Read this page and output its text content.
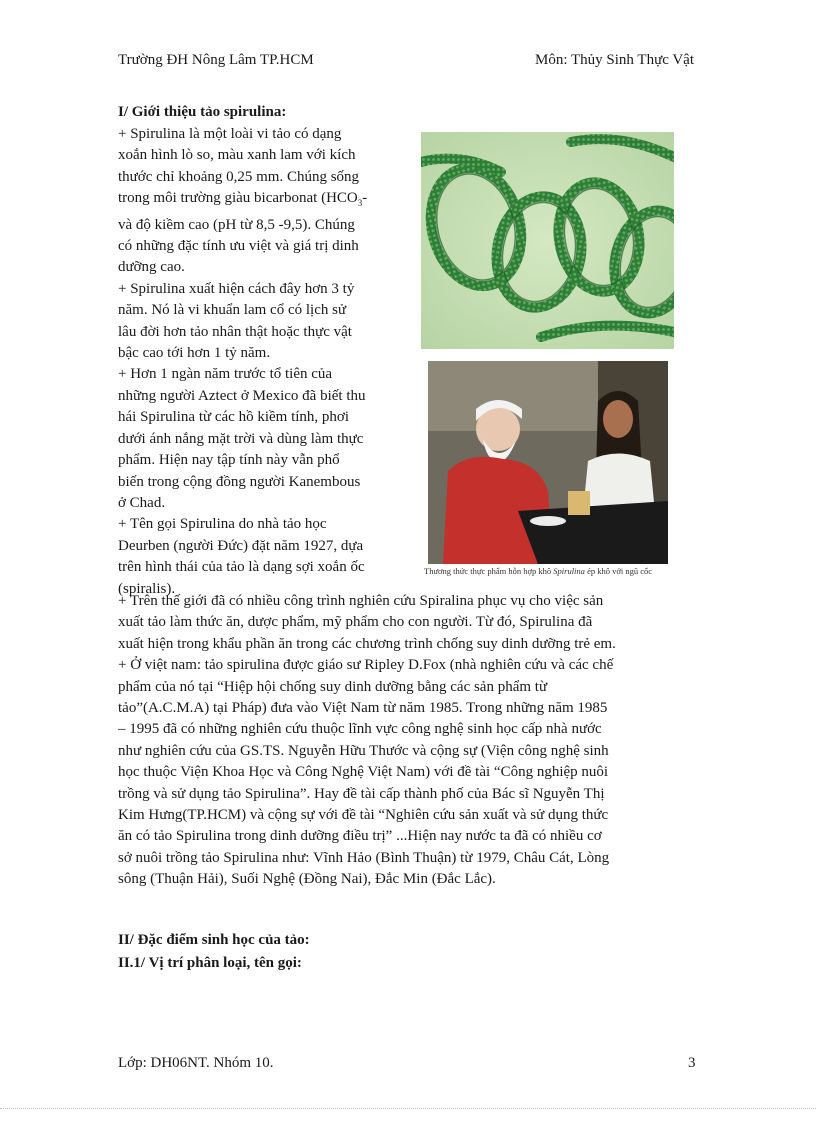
Trường ĐH Nông Lâm TP.HCM	Môn: Thủy Sinh Thực Vật
I/ Giới thiệu tảo spirulina:
+ Spirulina là một loài vi tảo có dạng
xoắn hình lò so, màu xanh lam với kích
thước chỉ khoảng 0,25 mm. Chúng sống
trong môi trường giàu bicarbonat ($HCO_3-$
và độ kiềm cao (pH từ 8,5 -9,5). Chúng
có những đặc tính ưu việt và giá trị dinh
dưỡng cao.
+ Spirulina xuất hiện cách đây hơn 3 tỷ
năm. Nó là vi khuẩn lam cổ có lịch sử
lâu đời hơn tảo nhân thật hoặc thực vật
bậc cao tới hơn 1 tỷ năm.
+ Hơn 1 ngàn năm trước tổ tiên của
những người Aztect ở Mexico đã biết thu
hái Spirulina từ các hồ kiềm tính, phơi
dưới ánh nắng mặt trời và dùng làm thực
phẩm. Hiện nay tập tính này vẫn phổ
biến trong cộng đồng người Kanembous
ở Chad.
+ Tên gọi Spirulina do nhà tảo học
Deurben (người Đức) đặt năm 1927, dựa
trên hình thái của tảo là dạng sợi xoắn ốc
(spiralis).
+ Trên thế giới đã có nhiều công trình nghiên cứu Spiralina phục vụ cho việc sản
xuất tảo làm thức ăn, dược phẩm, mỹ phẩm cho con người. Từ đó, Spirulina đã
xuất hiện trong khẩu phần ăn trong các chương trình chống suy dinh dưỡng trẻ em.
+ Ở việt nam: tảo spirulina được giáo sư Ripley D.Fox (nhà nghiên cứu và các chế
phẩm của nó tại “Hiệp hội chống suy dinh dưỡng bằng các sản phẩm từ
tảo”(A.C.M.A) tại Pháp) đưa vào Việt Nam từ năm 1985. Trong những năm 1985
– 1995 đã có những nghiên cứu thuộc lĩnh vực công nghệ sinh học cấp nhà nước
như nghiên cứu của GS.TS. Nguyễn Hữu Thước và cộng sự (Viện công nghệ sinh
học thuộc Viện Khoa Học và Công Nghệ Việt Nam) với đề tài “Công nghiệp nuôi
trồng và sử dụng tảo Spirulina”. Hay đề tài cấp thành phố của Bác sĩ Nguyễn Thị
Kim Hưng(TP.HCM) và cộng sự với đề tài “Nghiên cứu sản xuất và sử dụng thức
ăn có tảo Spirulina trong dinh dưỡng điều trị” ...Hiện nay nước ta đã có nhiều cơ
sở nuôi trồng tảo Spirulina như: Vĩnh Hảo (Bình Thuận) từ 1979, Châu Cát, Lòng
sông (Thuận Hải), Suối Nghệ (Đồng Nai), Đắc Min (Đắc Lắc).
II/ Đặc điểm sinh học của tảo:
II.1/ Vị trí phân loại, tên gọi:
Thương thức thực phẩm hỗn hợp khô Spirulina ép khô với ngũ cốc
Lớp: DH06NT. Nhóm 10.	3
